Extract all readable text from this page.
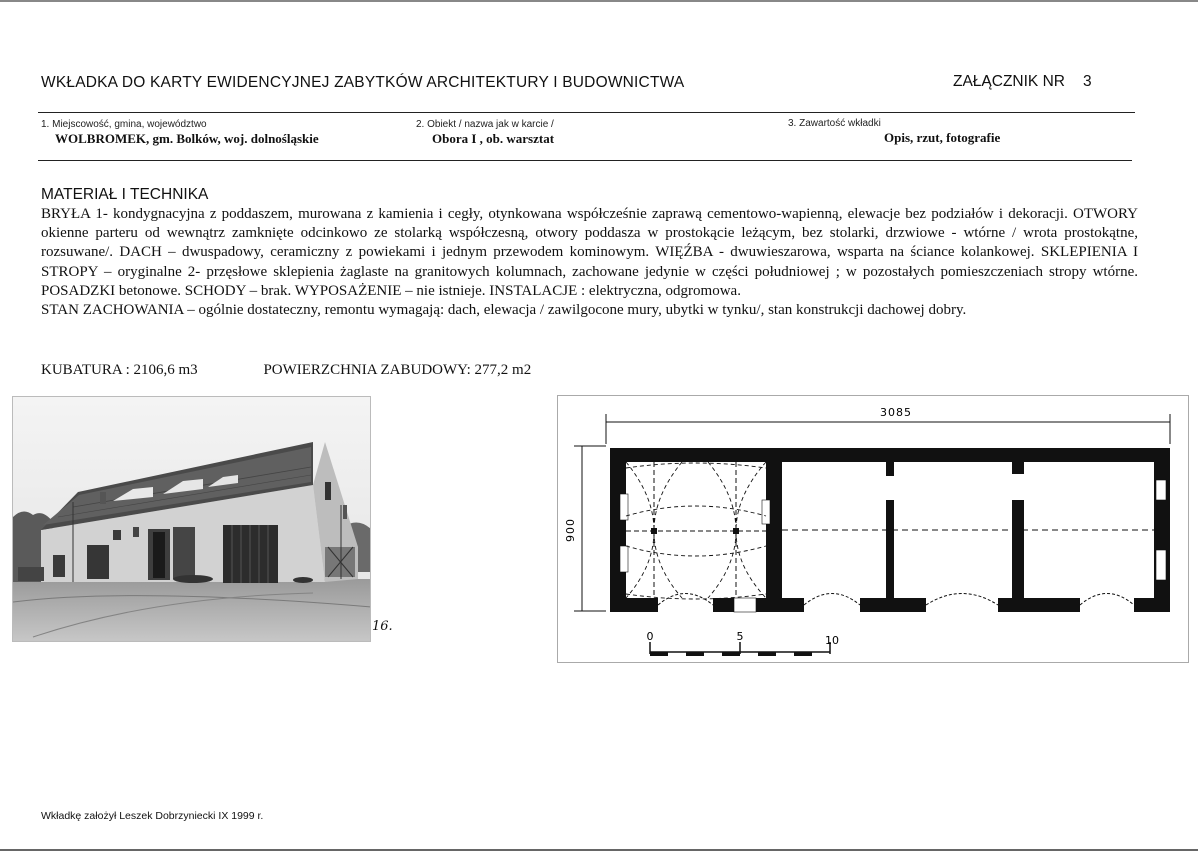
WKŁADKA DO KARTY EWIDENCYJNEJ ZABYTKÓW ARCHITEKTURY I BUDOWNICTWA	ZAŁĄCZNIK NR 3
1. Miejscowość, gmina, województwo
WOLBROMEK, gm. Bolków, woj. dolnośląskie
2. Obiekt / nazwa jak w karcie /
Obora I , ob. warsztat
3. Zawartość wkładki
Opis, rzut, fotografie
MATERIAŁ I TECHNIKA

BRYŁA 1- kondygnacyjna z poddaszem, murowana z kamienia i cegły, otynkowana współcześnie zaprawą cementowo-wapienną, elewacje bez podziałów i dekoracji. OTWORY okienne parteru od wewnątrz zamknięte odcinkowo ze stolarką współczesną, otwory poddasza w prostokącie leżącym, bez stolarki, drzwiowe - wtórne / wrota prostokątne, rozsuwane/. DACH – dwuspadowy, ceramiczny z powiekami i jednym przewodem kominowym. WIĘŹBA - dwuwieszarowa, wsparta na ściance kolankowej. SKLEPIENIA I STROPY – oryginalne 2- przęsłowe sklepienia żaglaste na granitowych kolumnach, zachowane jedynie w części południowej ; w pozostałych pomieszczeniach stropy wtórne. POSADZKI betonowe. SCHODY – brak. WYPOSAŻENIE – nie istnieje. INSTALACJE : elektryczna, odgromowa.

STAN ZACHOWANIA – ogólnie dostateczny, remontu wymagają: dach, elewacja / zawilgocone mury, ubytki w tynku/, stan konstrukcji dachowej dobry.

KUBATURA : 2106,6 m3	POWIERZCHNIA ZABUDOWY: 277,2 m2
16.
3085
900
0	5	10
Wkładkę założył Leszek Dobrzyniecki IX 1999 r.
